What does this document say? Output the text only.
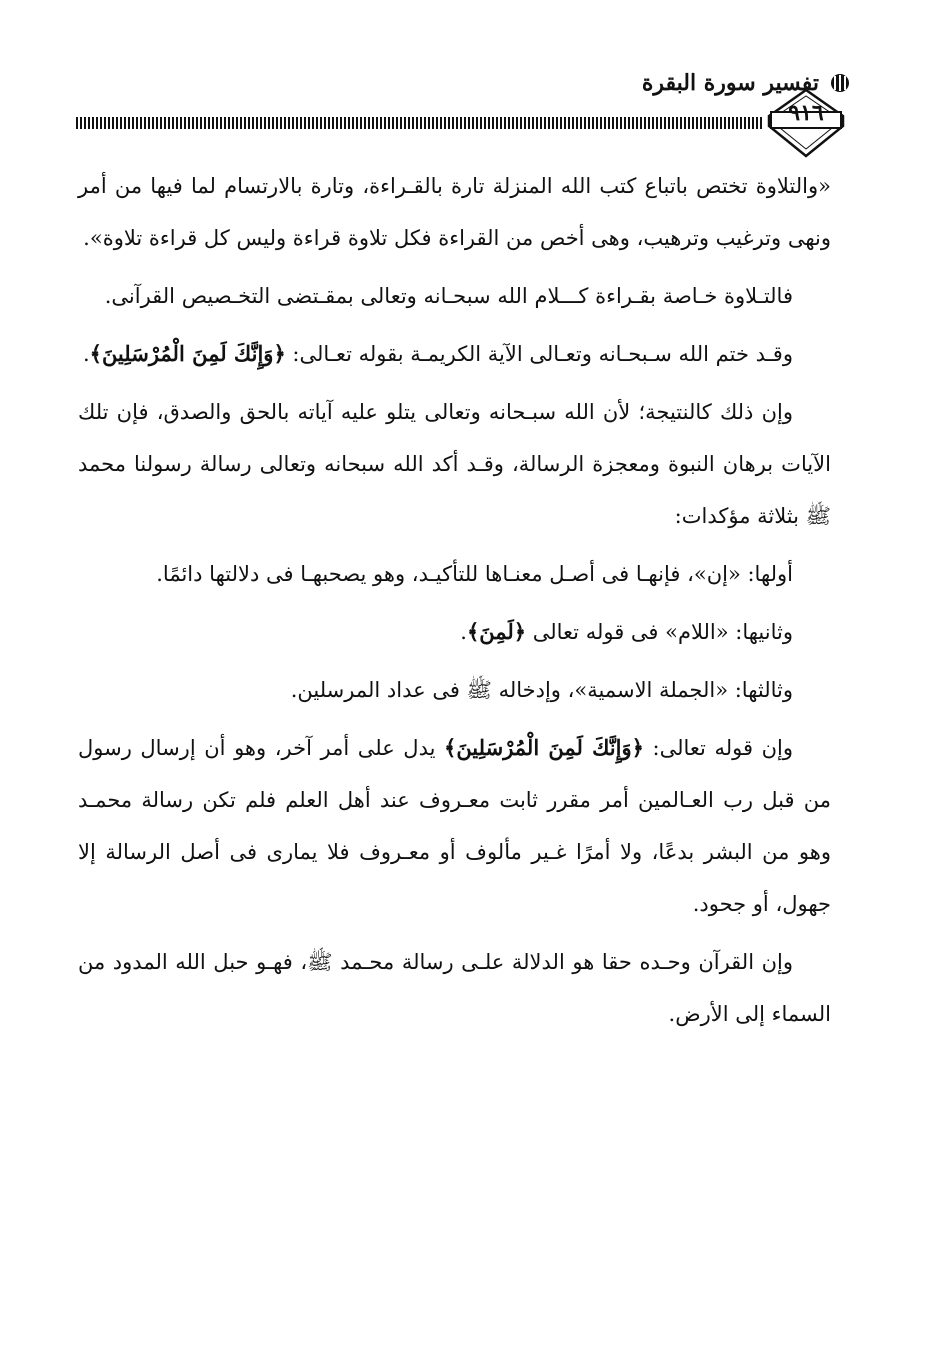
تفسير سورة البقرة
٩١٦

«والتلاوة تختص باتباع كتب الله المنزلة تارة بالقـراءة، وتارة بالارتسام لما فيها من أمر ونهى وترغيب وترهيب، وهى أخص من القراءة فكل تلاوة قراءة وليس كل قراءة تلاوة».

فالتـلاوة خـاصة بقـراءة كـــلام الله سبحـانه وتعالى بمقـتضى التخـصيص القرآنى.

وقـد ختم الله سـبحـانه وتعـالى الآية الكريمـة بقوله تعـالى: ﴿وَإِنَّكَ لَمِنَ الْمُرْسَلِينَ﴾.

وإن ذلك كالنتيجة؛ لأن الله سبـحانه وتعالى يتلو عليه آياته بالحق والصدق، فإن تلك الآيات برهان النبوة ومعجزة الرسالة، وقـد أكد الله سبحانه وتعالى رسالة رسولنا محمد ﷺ بثلاثة مؤكدات:

أولها: «إن»، فإنهـا فى أصـل معنـاها للتأكيـد، وهو يصحبهـا فى دلالتها دائمًا.

وثانيها: «اللام» فى قوله تعالى ﴿لَمِنَ﴾.

وثالثها: «الجملة الاسمية»، وإدخاله ﷺ فى عداد المرسلين.

وإن قوله تعالى: ﴿وَإِنَّكَ لَمِنَ الْمُرْسَلِينَ﴾ يدل على أمر آخر، وهو أن إرسال رسول من قبل رب العـالمين أمر مقرر ثابت معـروف عند أهل العلم فلم تكن رسالة محمـد وهو من البشر بدعًا، ولا أمرًا غـير مألوف أو معـروف فلا يمارى فى أصل الرسالة إلا جهول، أو جحود.

وإن القرآن وحـده حقا هو الدلالة علـى رسالة محـمد ﷺ، فهـو حبل الله المدود من السماء إلى الأرض.
